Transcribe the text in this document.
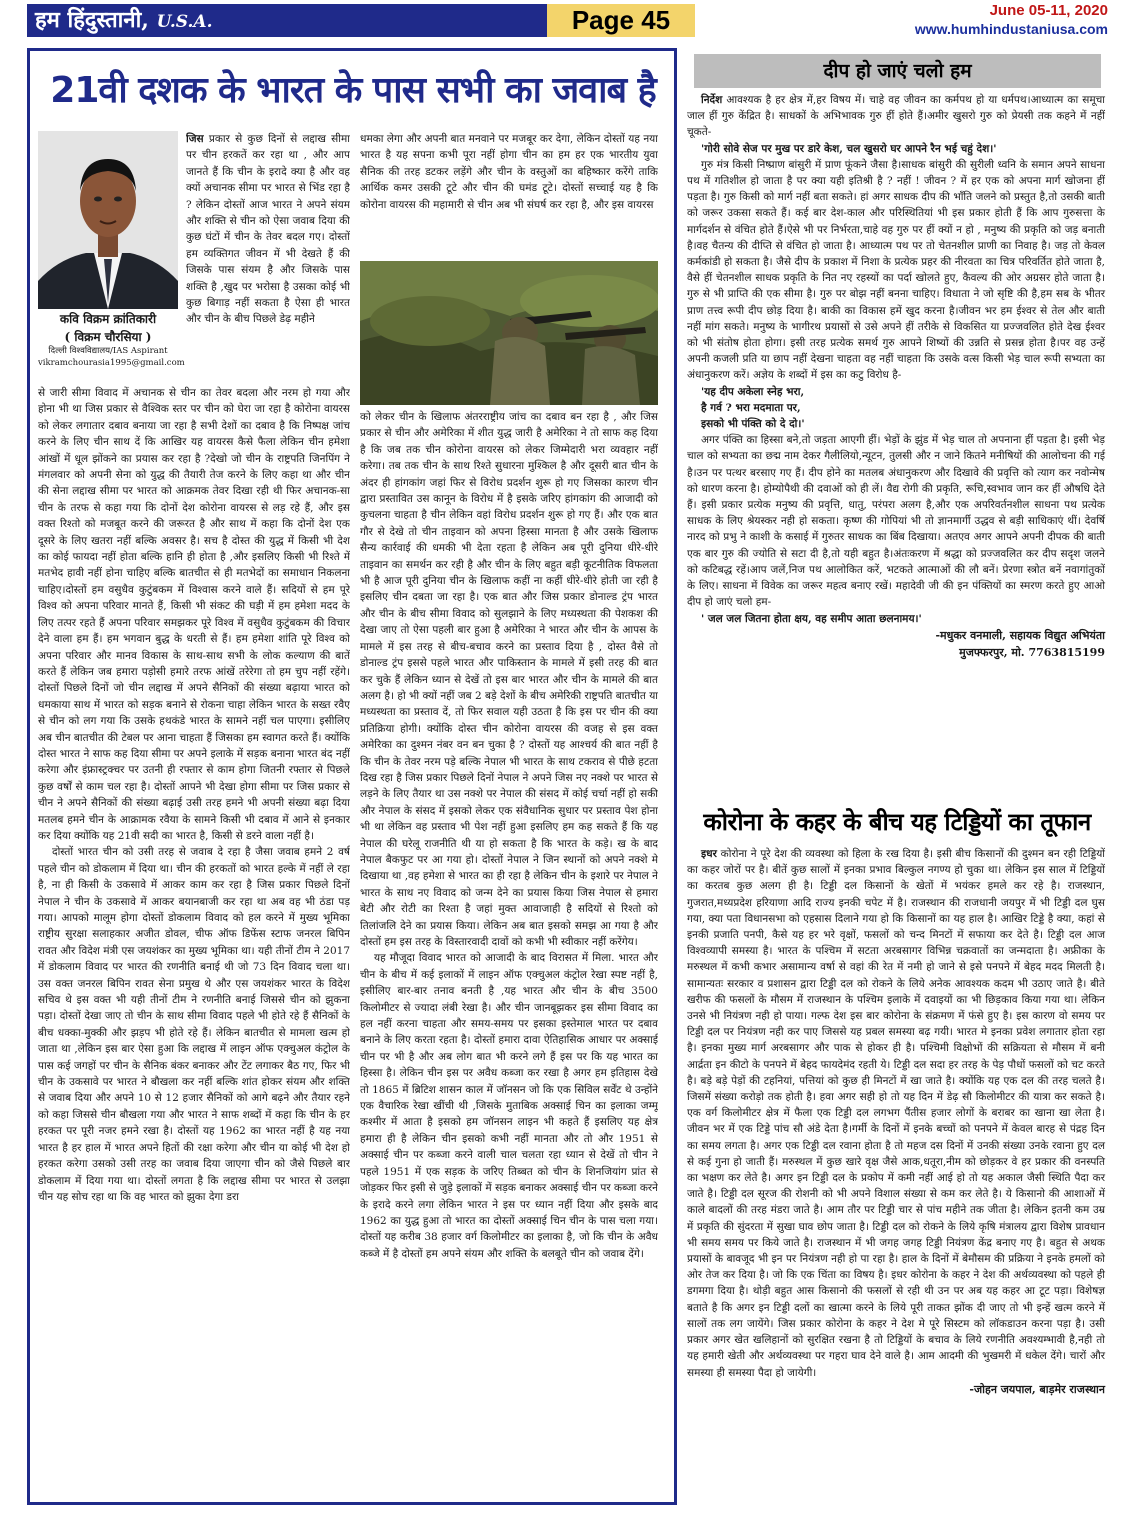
हम हिंदुस्तानी, U.S.A.	Page 45	June 05-11, 2020
www.humhindustaniusa.com
21वी दशक के भारत के पास सभी का जवाब है
कवि विक्रम क्रांतिकारी
( विक्रम चौरसिया )
दिल्ली विश्वविद्यालय/IAS Aspirant
vikramchourasia1995@gmail.com

जिस प्रकार से कुछ दिनों से लद्दाख सीमा पर चीन हरकतें कर रहा था , और आप जानते हैं कि चीन के इरादे क्या है और वह क्यों अचानक सीमा पर भारत से भिंड रहा है ? लेकिन दोस्तों आज भारत ने अपने संयम और शक्ति से चीन को ऐसा जवाब दिया की कुछ घंटों में चीन के तेवर बदल गए। दोस्तों हम व्यक्तिगत जीवन में भी देखते हैं की जिसके पास संयम है और जिसके पास शक्ति है ,खुद पर भरोसा है उसका कोई भी कुछ बिगाड़ नहीं सकता है ऐसा ही भारत और चीन के बीच पिछले डेढ़ महीने

से जारी सीमा विवाद में अचानक से चीन का तेवर बदला और नरम हो गया और होना भी था जिस प्रकार से वैश्विक स्तर पर चीन को घेरा जा रहा है कोरोना वायरस को लेकर लगातार दबाव बनाया जा रहा है सभी देशों का दबाव है कि निष्पक्ष जांच करने के लिए चीन साथ दें कि आखिर यह वायरस कैसे फैला लेकिन चीन हमेशा आंखों में धूल झोंकने का प्रयास कर रहा है ?देखो जो चीन के राष्ट्रपति जिनपिंग ने मंगलवार को अपनी सेना को युद्ध की तैयारी तेज करने के लिए कहा था और चीन की सेना लद्दाख सीमा पर भारत को आक्रमक तेवर दिखा रही थी फिर अचानक-सा चीन के तरफ से कहा गया कि दोनों देश कोरोना वायरस से लड़ रहे हैं, और इस वक्त रिश्तो को मजबूत करने की जरूरत है और साथ में कहा कि दोनों देश एक दूसरे के लिए खतरा नहीं बल्कि अवसर है। सच है दोस्त की युद्ध में किसी भी देश का कोई फायदा नहीं होता बल्कि हानि ही होता है ,और इसलिए किसी भी रिश्ते में मतभेद हावी नहीं होना चाहिए बल्कि बातचीत से ही मतभेदों का समाधान निकलना चाहिए।दोस्तों हम वसुधैव कुटुंबकम में विश्वास करने वाले हैं। सदियों से हम पूरे विश्व को अपना परिवार मानते हैं, किसी भी संकट की घड़ी में हम हमेशा मदद के लिए तत्पर रहते हैं अपना परिवार समझकर पूरे विश्व में वसुधैव कुटुंबकम की विचार देने वाला हम हैं। हम भगवान बुद्ध के धरती से हैं। हम हमेशा शांति पूरे विश्व को अपना परिवार और मानव विकास के साथ-साथ सभी के लोक कल्याण की बातें करते हैं लेकिन जब हमारा पड़ोसी हमारे तरफ आंखें तरेरेगा तो हम चुप नहीं रहेंगे। दोस्तों पिछले दिनों जो चीन लद्दाख में अपने सैनिकों की संख्या बढ़ाया भारत को धमकाया साथ में भारत को सड़क बनाने से रोकना चाहा लेकिन भारत के सख्त रवैए से चीन को लग गया कि उसके हथकंडे भारत के सामने नहीं चल पाएगा। इसीलिए अब चीन बातचीत की टेबल पर आना चाहता हैं जिसका हम स्वागत करते हैं। क्योंकि दोस्त भारत ने साफ कह दिया सीमा पर अपने इलाके में सड़क बनाना भारत बंद नहीं करेगा और इंफ्रास्ट्रक्चर पर उतनी ही रफ्तार से काम होगा जितनी रफ्तार से पिछले कुछ वर्षों से काम चल रहा है। दोस्तों आपने भी देखा होगा सीमा पर जिस प्रकार से चीन ने अपने सैनिकों की संख्या बढ़ाई उसी तरह हमने भी अपनी संख्या बढ़ा दिया मतलब हमने चीन के आक्रामक रवैया के सामने किसी भी दबाव में आने से इनकार कर दिया क्योंकि यह 21वी सदी का भारत है, किसी से डरने वाला नहीं है।

दोस्तों भारत चीन को उसी तरह से जवाब दे रहा है जैसा जवाब हमने 2 वर्ष पहले चीन को डोकलाम में दिया था। चीन की हरकतों को भारत हल्के में नहीं ले रहा है, ना ही किसी के उकसावे में आकर काम कर रहा है जिस प्रकार पिछले दिनों नेपाल ने चीन के उकसावे में आकर बयानबाजी कर रहा था अब वह भी ठंडा पड़ गया। आपको मालूम होगा दोस्तों डोकलाम विवाद को हल करने में मुख्य भूमिका राष्ट्रीय सुरक्षा सलाहकार अजीत डोवल, चीफ ऑफ डिफेंस स्टाफ जनरल बिपिन रावत और विदेश मंत्री एस जयशंकर का मुख्य भूमिका था। यही तीनों टीम ने 2017 में डोकलाम विवाद पर भारत की रणनीति बनाई थी जो 73 दिन विवाद चला था। उस वक्त जनरल बिपिन रावत सेना प्रमुख थे और एस जयशंकर भारत के विदेश सचिव थे इस वक्त भी यही तीनों टीम ने रणनीति बनाई जिससे चीन को झुकना पड़ा। दोस्तों देखा जाए तो चीन के साथ सीमा विवाद पहले भी होते रहे हैं सैनिकों के बीच धक्का-मुक्की और झड़प भी होते रहे हैं। लेकिन बातचीत से मामला खत्म हो जाता था ,लेकिन इस बार ऐसा हुआ कि लद्दाख में लाइन ऑफ एक्चुअल कंट्रोल के पास कई जगहों पर चीन के सैनिक बंकर बनाकर और टेंट लगाकर बैठ गए, फिर भी चीन के उकसावे पर भारत ने बौखला कर नहीं बल्कि शांत होकर संयम और शक्ति से जवाब दिया और अपने 10 से 12 हजार सैनिकों को आगे बढ़ने और तैयार रहने को कहा जिससे चीन बौखला गया और भारत ने साफ शब्दों में कहा कि चीन के हर हरकत पर पूरी नजर हमने रखा है। दोस्तों यह 1962 का भारत नहीं है यह नया भारत है हर हाल में भारत अपने हितों की रक्षा करेगा और चीन या कोई भी देश हो हरकत करेगा उसको उसी तरह का जवाब दिया जाएगा चीन को जैसे पिछले बार डोकलाम में दिया गया था। दोस्तों लगता है कि लद्दाख सीमा पर भारत से उलझा चीन यह सोच रहा था कि वह भारत को झुका देगा डरा

धमका लेगा और अपनी बात मनवाने पर मजबूर कर देगा, लेकिन दोस्तों यह नया भारत है यह सपना कभी पूरा नहीं होगा चीन का हम हर एक भारतीय युवा सैनिक की तरह डटकर लड़ेंगे और चीन के वस्तुओं का बहिष्कार करेंगे ताकि आर्थिक कमर उसकी टूटे और चीन की घमंड टूटे। दोस्तों सच्चाई यह है कि कोरोना वायरस की महामारी से चीन अब भी संघर्ष कर रहा है, और इस वायरस

को लेकर चीन के खिलाफ अंतरराष्ट्रीय जांच का दबाव बन रहा है , और जिस प्रकार से चीन और अमेरिका में शीत युद्ध जारी है अमेरिका ने तो साफ कह दिया है कि जब तक चीन कोरोना वायरस को लेकर जिम्मेदारी भरा व्यवहार नहीं करेगा। तब तक चीन के साथ रिश्ते सुधारना मुश्किल है और दूसरी बात चीन के अंदर ही हांगकांग जहां फिर से विरोध प्रदर्शन शुरू हो गए जिसका कारण चीन द्वारा प्रस्तावित उस कानून के विरोध में है इसके जरिए हांगकांग की आजादी को कुचलना चाहता है चीन लेकिन वहां विरोध प्रदर्शन शुरू हो गए हैं। और एक बात गौर से देखे तो चीन ताइवान को अपना हिस्सा मानता है और उसके खिलाफ सैन्य कार्रवाई की धमकी भी देता रहता है लेकिन अब पूरी दुनिया धीरे-धीरे ताइवान का समर्थन कर रही है और चीन के लिए बहुत बड़ी कूटनीतिक विफलता भी है आज पूरी दुनिया चीन के खिलाफ कहीं ना कहीं धीरे-धीरे होती जा रही है इसलिए चीन दबता जा रहा है। एक बात और जिस प्रकार डोनाल्ड ट्रंप भारत और चीन के बीच सीमा विवाद को सुलझाने के लिए मध्यस्थता की पेशकश की देखा जाए तो ऐसा पहली बार हुआ है अमेरिका ने भारत और चीन के आपस के मामले में इस तरह से बीच-बचाव करने का प्रस्ताव दिया है , दोस्त वैसे तो डोनाल्ड ट्रंप इससे पहले भारत और पाकिस्तान के मामले में इसी तरह की बात कर चुके हैं लेकिन ध्यान से देखें तो इस बार भारत और चीन के मामले की बात अलग है। हो भी क्यों नहीं जब 2 बड़े देशों के बीच अमेरिकी राष्ट्रपति बातचीत या मध्यस्थता का प्रस्ताव दें, तो फिर सवाल यही उठता है कि इस पर चीन की क्या प्रतिक्रिया होगी। क्योंकि दोस्त चीन कोरोना वायरस की वजह से इस वक्त अमेरिका का दुश्मन नंबर वन बन चुका है ? दोस्तों यह आश्चर्य की बात नहीं है कि चीन के तेवर नरम पड़े बल्कि नेपाल भी भारत के साथ टकराव से पीछे हटता दिख रहा है जिस प्रकार पिछले दिनों नेपाल ने अपने जिस नए नक्शे पर भारत से लड़ने के लिए तैयार था उस नक्शे पर नेपाल की संसद में कोई चर्चा नहीं हो सकी और नेपाल के संसद में इसको लेकर एक संवैधानिक सुधार पर प्रस्ताव पेश होना भी था लेकिन वह प्रस्ताव भी पेश नहीं हुआ इसलिए हम कह सकते हैं कि यह नेपाल की घरेलू राजनीति थी या हो सकता है कि भारत के कड़े। ख के बाद नेपाल बैकफुट पर आ गया हो। दोस्तों नेपाल ने जिन स्थानों को अपने नक्शे मे दिखाया था ,वह हमेशा से भारत का ही रहा है लेकिन चीन के इशारे पर नेपाल ने भारत के साथ नए विवाद को जन्म देने का प्रयास किया जिस नेपाल से हमारा बेटी और रोटी का रिश्ता है जहां मुक्त आवाजाही है सदियों से रिश्तो को तिलांजलि देने का प्रयास किया। लेकिन अब बात इसको समझ आ गया है और दोस्तों हम इस तरह के विस्तारवादी दावों को कभी भी स्वीकार नहीं करेंगेय।

यह मौजूदा विवाद भारत को आजादी के बाद विरासत में मिला. भारत और चीन के बीच में कई इलाकों में लाइन ऑफ एक्चुअल कंट्रोल रेखा स्पष्ट नहीं है, इसीलिए बार-बार तनाव बनती है ,यह भारत और चीन के बीच 3500 किलोमीटर से ज्यादा लंबी रेखा है। और चीन जानबूझकर इस सीमा विवाद का हल नहीं करना चाहता और समय-समय पर इसका इस्तेमाल भारत पर दबाव बनाने के लिए करता रहता है। दोस्तों हमारा दावा ऐतिहासिक आधार पर अक्साई चीन पर भी है और अब लोग बात भी करने लगे हैं इस पर कि यह भारत का हिस्सा है। लेकिन चीन इस पर अवैध कब्जा कर रखा है अगर हम इतिहास देखे तो 1865 में ब्रिटिश शासन काल में जॉनसन जो कि एक सिविल सर्वेंट थे उन्होंने एक वैचारिक रेखा खींची थी ,जिसके मुताबिक अक्साई चिन का इलाका जम्मू कश्मीर में आता है इसको हम जॉनसन लाइन भी कहते हैं इसलिए यह क्षेत्र हमारा ही है लेकिन चीन इसको कभी नहीं मानता और तो और 1951 से अक्साई चीन पर कब्जा करने वाली चाल चलता रहा ध्यान से देखें तो चीन ने पहले 1951 में एक सड़क के जरिए तिब्बत को चीन के शिनजियांग प्रांत से जोड़कर फिर इसी से जुड़े इलाकों में सड़क बनाकर अक्साई चीन पर कब्जा करने के इरादे करने लगा लेकिन भारत ने इस पर ध्यान नहीं दिया और इसके बाद 1962 का युद्ध हुआ तो भारत का दोस्तों अक्साई चिन चीन के पास चला गया। दोस्तों यह करीब 38 हजार वर्ग किलोमीटर का इलाका है, जो कि चीन के अवैध कब्जे में है दोस्तों हम अपने संयम और शक्ति के बलबूते चीन को जवाब देंगे।

दीप हो जाएं चलो हम

निर्देश आवश्यक है हर क्षेत्र में,हर विषय में। चाहे वह जीवन का कर्मपथ हो या धर्मपथ।आध्यात्म का समूचा जाल हीं गुरु केंद्रित है। साधकों के अभिभावक गुरु हीं होते हैं।अमीर खुसरो गुरु को प्रेयसी तक कहने में नहीं चूकते-

'गोरी सोवे सेज पर मुख पर डारे केश, चल खुसरो घर आपने रैन भई चहुं देश।'

गुरु मंत्र किसी निष्प्राण बांसुरी में प्राण फूंकने जैसा है।साधक बांसुरी की सुरीली ध्वनि के समान अपने साधना पथ में गतिशील हो जाता है पर क्या यही इतिश्री है ? नहीं ! जीवन ? में हर एक को अपना मार्ग खोजना हीं पड़ता है। गुरु किसी को मार्ग नहीं बता सकते। हां अगर साधक दीप की भाँति जलने को प्रस्तुत है,तो उसकी बाती को जरूर उकसा सकते हैं। कई बार देश-काल और परिस्थितियां भी इस प्रकार होती हैं कि आप गुरुसत्ता के मार्गदर्शन से वंचित होते हैं।ऐसे भी पर निर्भरता,चाहे वह गुरु पर हीं क्यों न हो , मनुष्य की प्रकृति को जड़ बनाती है।वह चैतन्य की दीप्ति से वंचित हो जाता है। आध्यात्म पथ पर तो चेतनशील प्राणी का निवाह है। जड़ तो केवल कर्मकांडी हो सकता है। जैसे दीप के प्रकाश में निशा के प्रत्येक प्रहर की नीरवता का चित्र परिवर्तित होते जाता है, वैसे हीं चेतनशील साधक प्रकृति के नित नए रहस्यों का पर्दा खोलते हुए, कैवल्य की ओर अग्रसर होते जाता है। गुरु से भी प्राप्ति की एक सीमा है। गुरु पर बोझ नहीं बनना चाहिए। विधाता ने जो सृष्टि की है,हम सब के भीतर प्राण तत्त्व रूपी दीप छोड़ दिया है। बाकी का विकास हमें खुद करना है।जीवन भर हम ईश्वर से तेल और बाती नहीं मांग सकते। मनुष्य के भागीरथ प्रयासों से उसे अपने हीं तरीके से विकसित या प्रज्जवलित होते देख ईश्वर को भी संतोष होता होगा। इसी तरह प्रत्येक समर्थ गुरु आपने शिष्यों की उन्नति से प्रसन्न होता है।पर वह उन्हें अपनी कजली प्रति या छाप नहीं देखना चाहता वह नहीं चाहता कि उसके वत्स किसी भेड़ चाल रूपी सभ्यता का अंधानुकरण करें। अज्ञेय के शब्दों में इस का कटु विरोध है-

'यह दीप अकेला स्नेह भरा,
है गर्व ? भरा मदमाता पर,
इसको भी पंक्ति को दे दो।'

अगर पंक्ति का हिस्सा बने,तो जड़ता आएगी हीं। भेड़ों के झुंड में भेड़ चाल तो अपनाना हीं पड़ता है। इसी भेड़ चाल को सभ्यता का छद्म नाम देकर गैलीलियो,न्यूटन, तुलसी और न जाने कितने मनीषियों की आलोचना की गई है।उन पर पत्थर बरसाए गए हैं। दीप होने का मतलब अंधानुकरण और दिखावे की प्रवृत्ति को त्याग कर नवोन्मेष को धारण करना है। होम्योपैथी की दवाओं को ही लें। वैद्य रोगी की प्रकृति, रूचि,स्वभाव जान कर हीं औषधि देते हैं। इसी प्रकार प्रत्येक मनुष्य की प्रवृत्ति, धातु, परंपरा अलग है,और एक अपरिवर्तनशील साधना पथ प्रत्येक साधक के लिए श्रेयस्कर नही हो सकता। कृष्ण की गोपियां भी तो ज्ञानमार्गी उद्धव से बड़ी साधिकाएं थीं। देवर्षि नारद को प्रभु ने काशी के कसाई में गुरुतर साधक का बिंब दिखाया। अतएव अगर आपने अपनी दीपक की बाती एक बार गुरु की ज्योति से सटा दी है,तो यही बहुत है।अंतःकरण में श्रद्धा को प्रज्जवलित कर दीप सदृश जलने को कटिबद्ध रहें।आप जलें,निज पथ आलोकित करें, भटकते आत्माओं की लौ बनें। प्रेरणा स्त्रोत बनें नवागांतुकों के लिए। साधना में विवेक का जरूर महत्व बनाए रखें। महादेवी जी की इन पंक्तियों का स्मरण करते हुए आओ दीप हो जाएं चलो हम-

' जल जल जितना होता क्षय, वह समीप आता छलनामय।'

-मधुकर वनमाली, सहायक विद्युत अभियंता
मुजफ्फरपुर, मो. 7763815199
कोरोना के कहर के बीच यह टिड्डियों का तूफान

इधर कोरोना ने पूरे देश की व्यवस्था को हिला के रख दिया है। इसी बीच किसानों की दुश्मन बन रही टिड्डियों का कहर जोरों पर है। बीतें कुछ सालों में इनका प्रभाव बिल्कुल नगण्य हो चुका था। लेकिन इस साल में टिड्डियों का करतब कुछ अलग ही है। टिड्डी दल किसानों के खेतों में भयंकर हमले कर रहे है। राजस्थान, गुजरात,मध्यप्रदेश हरियाणा आदि राज्य इनकी चपेट में है। राजस्थान की राजधानी जयपुर में भी टिड्डी दल घुस गया, क्या पता विधानसभा को एहसास दिलाने गया हो कि किसानों का यह हाल है। आखिर टिड्डे है क्या, कहां से इनकी प्रजाति पनपी, कैसे यह हर भरे वृक्षों, फसलों को चन्द मिनटों में सफाया कर देते है। टिड्डी दल आज विश्वव्यापी समस्या है। भारत के पश्चिम में सटता अरबसागर विभिन्न चक्रवातों का जन्मदाता है। अफ्रीका के मरुस्थल में कभी कभार असामान्य वर्षा से वहां की रेत में नमी हो जाने से इसे पनपने में बेहद मदद मिलती है। सामान्यतः सरकार व प्रशासन द्वारा टिड्डी दल को रोकने के लिये अनेक आवश्यक कदम भी उठाए जाते है। बीते खरीफ की फसलों के मौसम में राजस्थान के पश्चिम इलाके में दवाइयों का भी छिड़काव किया गया था। लेकिन उनसे भी नियंत्रण नही हो पाया। गल्फ देश इस बार कोरोना के संक्रमण में फंसे हुए है। इस कारण वो समय पर टिड्डी दल पर नियंत्रण नही कर पाए जिससे यह प्रबल समस्या बढ़ गयी। भारत मे इनका प्रवेश लगातार होता रहा है। इनका मुख्य मार्ग अरबसागर और पाक से होकर ही है। पश्चिमी विक्षोभों की सक्रियता से मौसम में बनी आर्द्रता इन कीटो के पनपने में बेहद फायदेमंद रहती ये। टिड्डी दल सदा हर तरह के पेड़ पौधों फसलों को चट करते है। बड़े बड़े पेड़ों की टहनियां, पत्तियां को कुछ ही मिनटों में खा जाते है। क्योंकि यह एक दल की तरह चलते है। जिसमें संख्या करोड़ो तक होती है। हवा अगर सही हो तो यह दिन में डेढ़ सौ किलोमीटर की यात्रा कर सकते है। एक वर्ग किलोमीटर क्षेत्र में फैला एक टिड्डी दल लगभग पैंतीस हजार लोगों के बराबर का खाना खा लेता है। जीवन भर में एक टिड्डे पांच सौ अंडे देता है।गर्मी के दिनों में इनके बच्चों को पनपने में केवल बारह से पंद्रह दिन का समय लगता है। अगर एक टिड्डी दल रवाना होता है तो महज दस दिनों में उनकी संख्या उनके रवाना हुए दल से कई गुना हो जाती हैं। मरुस्थल में कुछ खारे वृक्ष जैसे आक,धतूरा,नीम को छोड़कर वे हर प्रकार की वनस्पति का भक्षण कर लेते है। अगर इन टिड्डी दल के प्रकोप में कमी नहीं आई हो तो यह अकाल जैसी स्थिति पैदा कर जाते है। टिड्डी दल सूरज की रोशनी को भी अपने विशाल संख्या से कम कर लेते है। ये किसानो की आशाओं में काले बादलों की तरह मंडरा जाते है। आम तौर पर टिड्डी चार से पांच महीने तक जीता है। लेकिन इतनी कम उम्र में प्रकृति की सुंदरता में सुखा घाव छोप जाता है। टिड्डी दल को रोकने के लिये कृषि मंत्रालय द्वारा विशेष प्रावधान भी समय समय पर किये जाते है। राजस्थान में भी जगह जगह टिड्डी नियंत्रण केंद्र बनाए गए है। बहुत से अथक प्रयासों के बावजूद भी इन पर नियंत्रण नही हो पा रहा है। हाल के दिनों में बेमौसम की प्रक्रिया ने इनके हमलों को ओर तेज कर दिया है। जो कि एक चिंता का विषय है। इधर कोरोना के कहर ने देश की अर्थव्यवस्था को पहले ही डगमगा दिया है। थोड़ी बहुत आस किसानो की फसलों से रही थी उन पर अब यह कहर आ टूट पड़ा। विशेषज्ञ बताते है कि अगर इन टिड्डी दलों का खात्मा करने के लिये पूरी ताकत झोंक दी जाए तो भी इन्हें खत्म करने में सालों तक लग जायेंगे। जिस प्रकार कोरोना के कहर ने देश मे पूरे सिस्टम को लॉकडाउन करना पड़ा है। उसी प्रकार अगर खेत खलिहानों को सुरक्षित रखना है तो टिड्डियों के बचाव के लिये रणनीति अवश्यम्भावी है,नही तो यह हमारी खेती और अर्थव्यवस्था पर गहरा घाव देने वाले है। आम आदमी की भुखमरी में धकेल देंगे। चारों और समस्या ही समस्या पैदा हो जायेगी।

-जोहन जयपाल, बाड़मेर राजस्थान
